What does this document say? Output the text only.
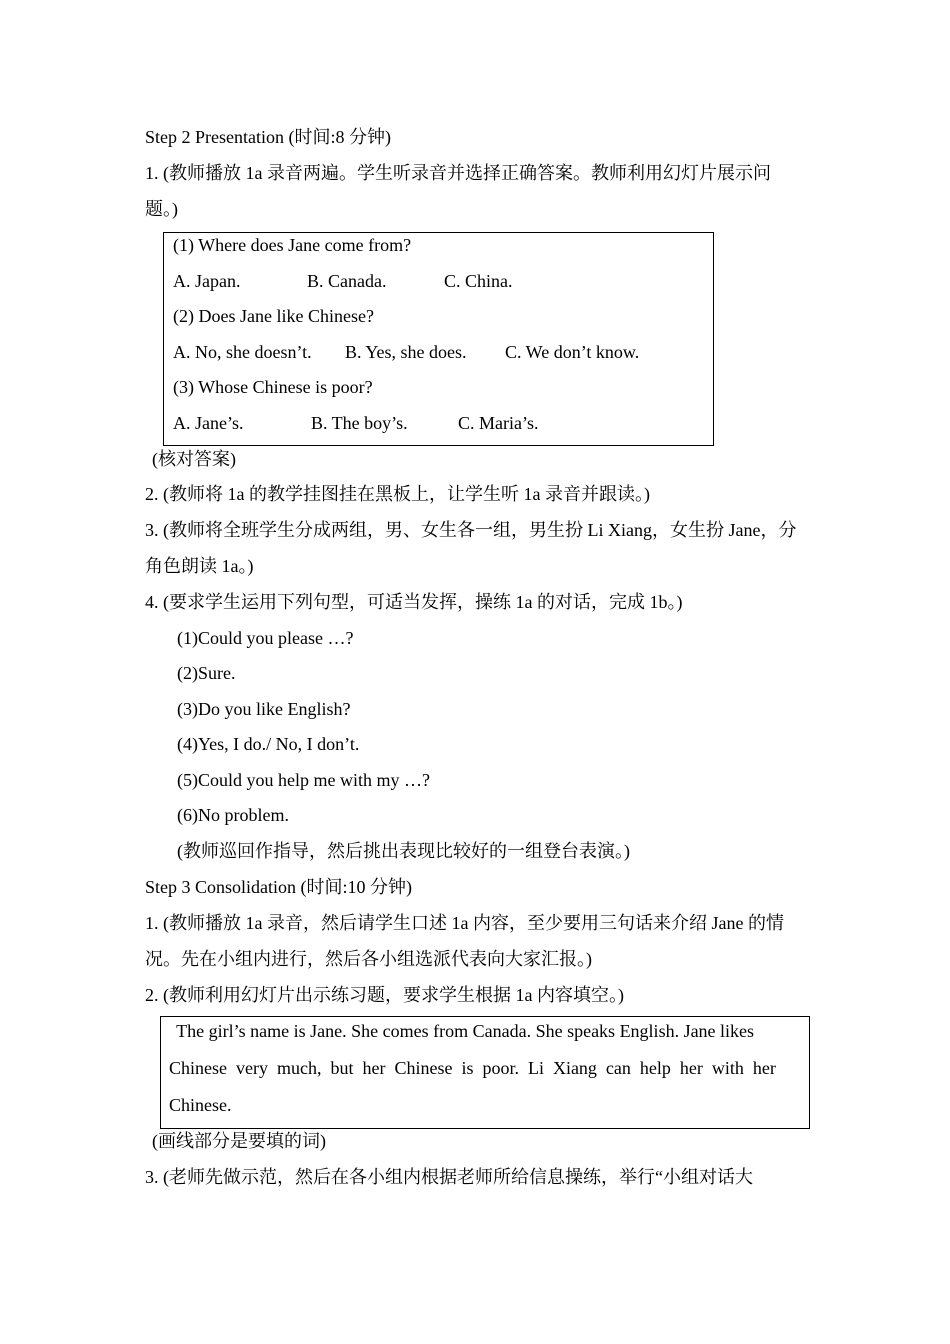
Step 2 Presentation (时间:8 分钟)
1. (教师播放 1a 录音两遍。学生听录音并选择正确答案。教师利用幻灯片展示问
题。)
(1) Where does Jane come from?
A. Japan.	B. Canada.	C. China.
(2) Does Jane like Chinese?
A. No, she doesn’t. B. Yes, she does. C. We don’t know.
(3) Whose Chinese is poor?
A. Jane’s.	B. The boy’s.	C. Maria’s.
(核对答案)
2. (教师将 1a 的教学挂图挂在黑板上，让学生听 1a 录音并跟读。)
3. (教师将全班学生分成两组，男、女生各一组，男生扮 Li Xiang，女生扮 Jane，分
角色朗读 1a。)
4. (要求学生运用下列句型，可适当发挥，操练 1a 的对话，完成 1b。)
(1)Could you please …?
(2)Sure.
(3)Do you like English?
(4)Yes, I do./ No, I don’t.
(5)Could you help me with my …?
(6)No problem.
(教师巡回作指导，然后挑出表现比较好的一组登台表演。)
Step 3 Consolidation (时间:10 分钟)
1. (教师播放 1a 录音，然后请学生口述 1a 内容，至少要用三句话来介绍 Jane 的情
况。先在小组内进行，然后各小组选派代表向大家汇报。)
2. (教师利用幻灯片出示练习题，要求学生根据 1a 内容填空。)
The girl’s name is Jane. She comes from Canada. She speaks English. Jane likes
Chinese  very  much,  but  her  Chinese  is  poor.  Li  Xiang  can  help  her  with  her
Chinese.
(画线部分是要填的词)
3. (老师先做示范，然后在各小组内根据老师所给信息操练，举行“小组对话大
